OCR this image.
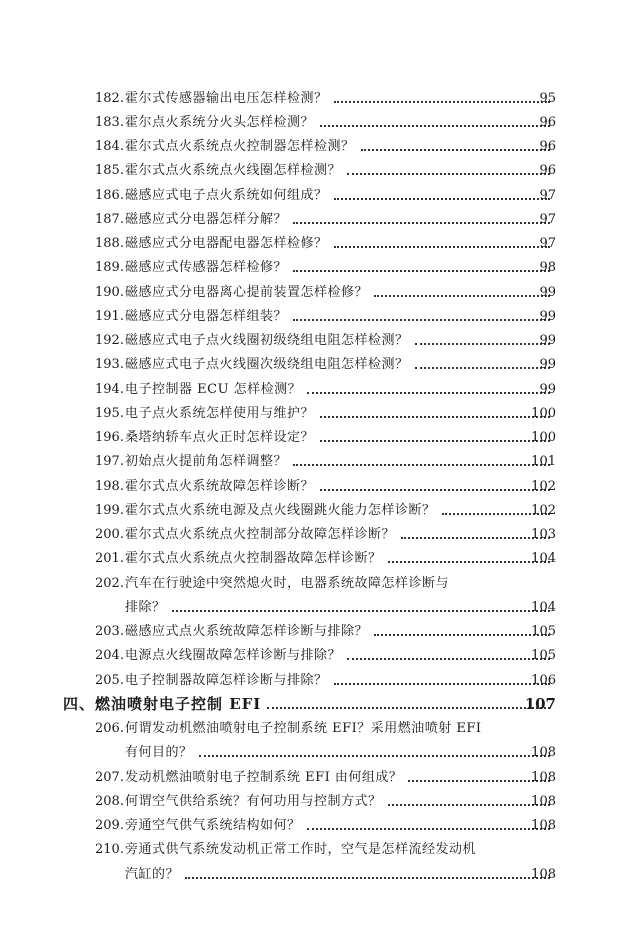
182. 霍尔式传感器输出电压怎样检测？	95
183. 霍尔点火系统分火头怎样检测？	96
184. 霍尔式点火系统点火控制器怎样检测？	96
185. 霍尔式点火系统点火线圈怎样检测？	96
186. 磁感应式电子点火系统如何组成？	97
187. 磁感应式分电器怎样分解？	97
188. 磁感应式分电器配电器怎样检修？	97
189. 磁感应式传感器怎样检修？	98
190. 磁感应式分电器离心提前装置怎样检修？	99
191. 磁感应式分电器怎样组装？	99
192. 磁感应式电子点火线圈初级绕组电阻怎样检测？	99
193. 磁感应式电子点火线圈次级绕组电阻怎样检测？	99
194. 电子控制器 ECU 怎样检测？	99
195. 电子点火系统怎样使用与维护？	100
196. 桑塔纳轿车点火正时怎样设定？	100
197. 初始点火提前角怎样调整？	101
198. 霍尔式点火系统故障怎样诊断？	102
199. 霍尔式点火系统电源及点火线圈跳火能力怎样诊断？	102
200. 霍尔式点火系统点火控制部分故障怎样诊断？	103
201. 霍尔式点火系统点火控制器故障怎样诊断？	104
202. 汽车在行驶途中突然熄火时，电器系统故障怎样诊断与
排除？	104
203. 磁感应式点火系统故障怎样诊断与排除？	105
204. 电源点火线圈故障怎样诊断与排除？	105
205. 电子控制器故障怎样诊断与排除？	106
四、燃油喷射电子控制 EFI	107
206. 何谓发动机燃油喷射电子控制系统 EFI？采用燃油喷射 EFI
有何目的？	108
207. 发动机燃油喷射电子控制系统 EFI 由何组成？	108
208. 何谓空气供给系统？有何功用与控制方式？	108
209. 旁通空气供气系统结构如何？	108
210. 旁通式供气系统发动机正常工作时，空气是怎样流经发动机
汽缸的？	108
